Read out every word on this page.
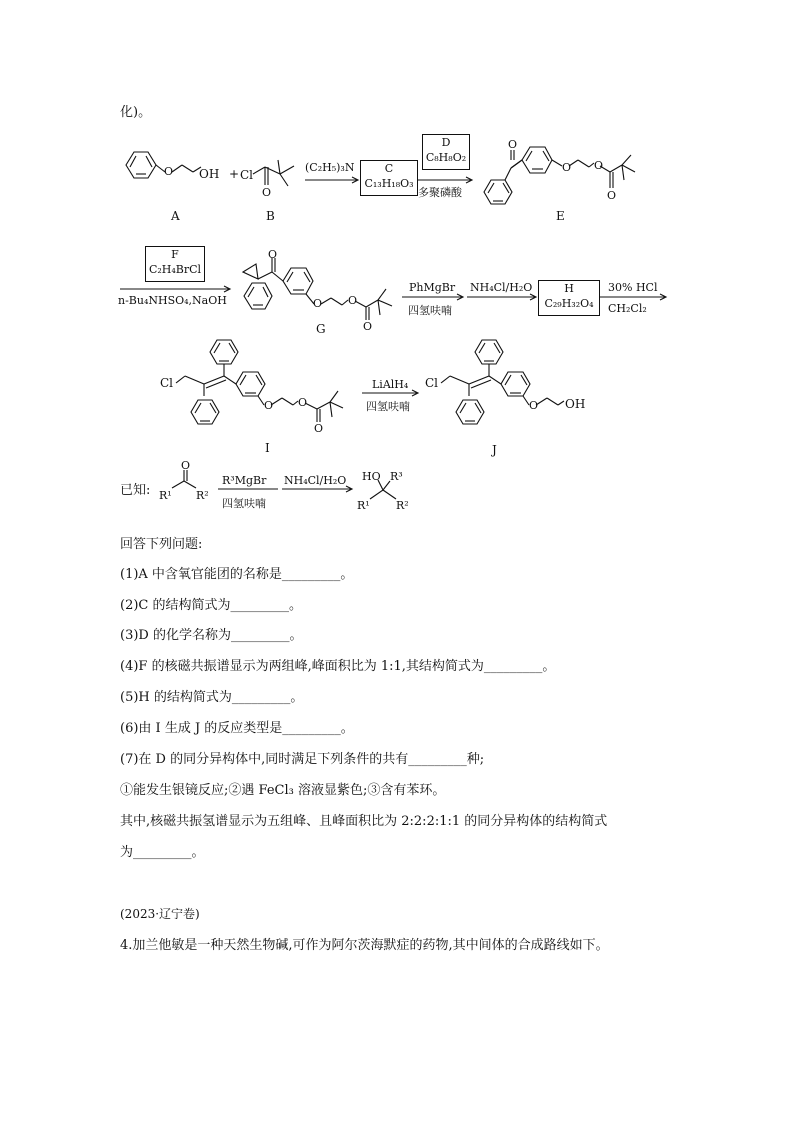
化)。
OH
O
A
+ Cl
O
B
(C₂H₅)₃N	C
C₁₃H₁₈O₃
D
C₈H₈O₂
多聚磷酸
O
O O
O
E
F
C₂H₄BrCl
n-Bu₄NHSO₄,NaOH
O
O O
O
G
PhMgBr
四氢呋喃
NH₄Cl/H₂O	H
C₂₉H₃₂O₄
30% HCl
CH₂Cl₂
Cl
O O
O
I
LiAlH₄
四氢呋喃
Cl
O OH
J
已知: R¹ R²
O
R³MgBr
四氢呋喃
NH₄Cl/H₂O HO R³
R¹ R²
回答下列问题:
(1)A 中含氧官能团的名称是_________。
(2)C 的结构简式为_________。
(3)D 的化学名称为_________。
(4)F 的核磁共振谱显示为两组峰,峰面积比为 1:1,其结构简式为_________。
(5)H 的结构简式为_________。
(6)由 I 生成 J 的反应类型是_________。
(7)在 D 的同分异构体中,同时满足下列条件的共有_________种;
①能发生银镜反应;②遇 FeCl₃ 溶液显紫色;③含有苯环。
其中,核磁共振氢谱显示为五组峰、且峰面积比为 2:2:2:1:1 的同分异构体的结构简式
为_________。
(2023·辽宁卷)
4.加兰他敏是一种天然生物碱,可作为阿尔茨海默症的药物,其中间体的合成路线如下。
